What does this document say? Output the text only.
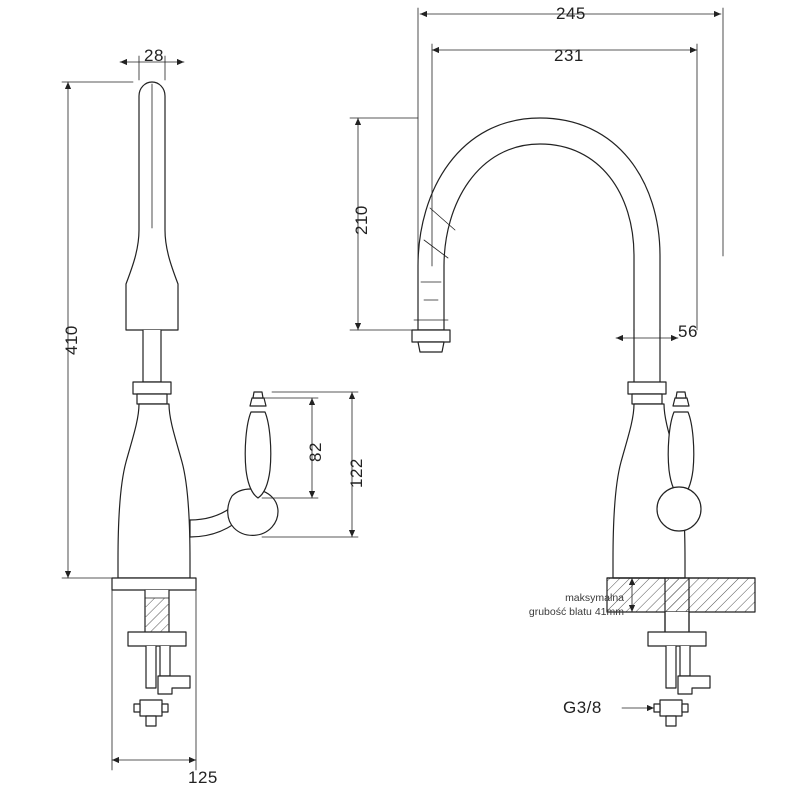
28
410
125
82
122
245
231
210
56
maksymalna
grubość blatu 41mm
G3/8
